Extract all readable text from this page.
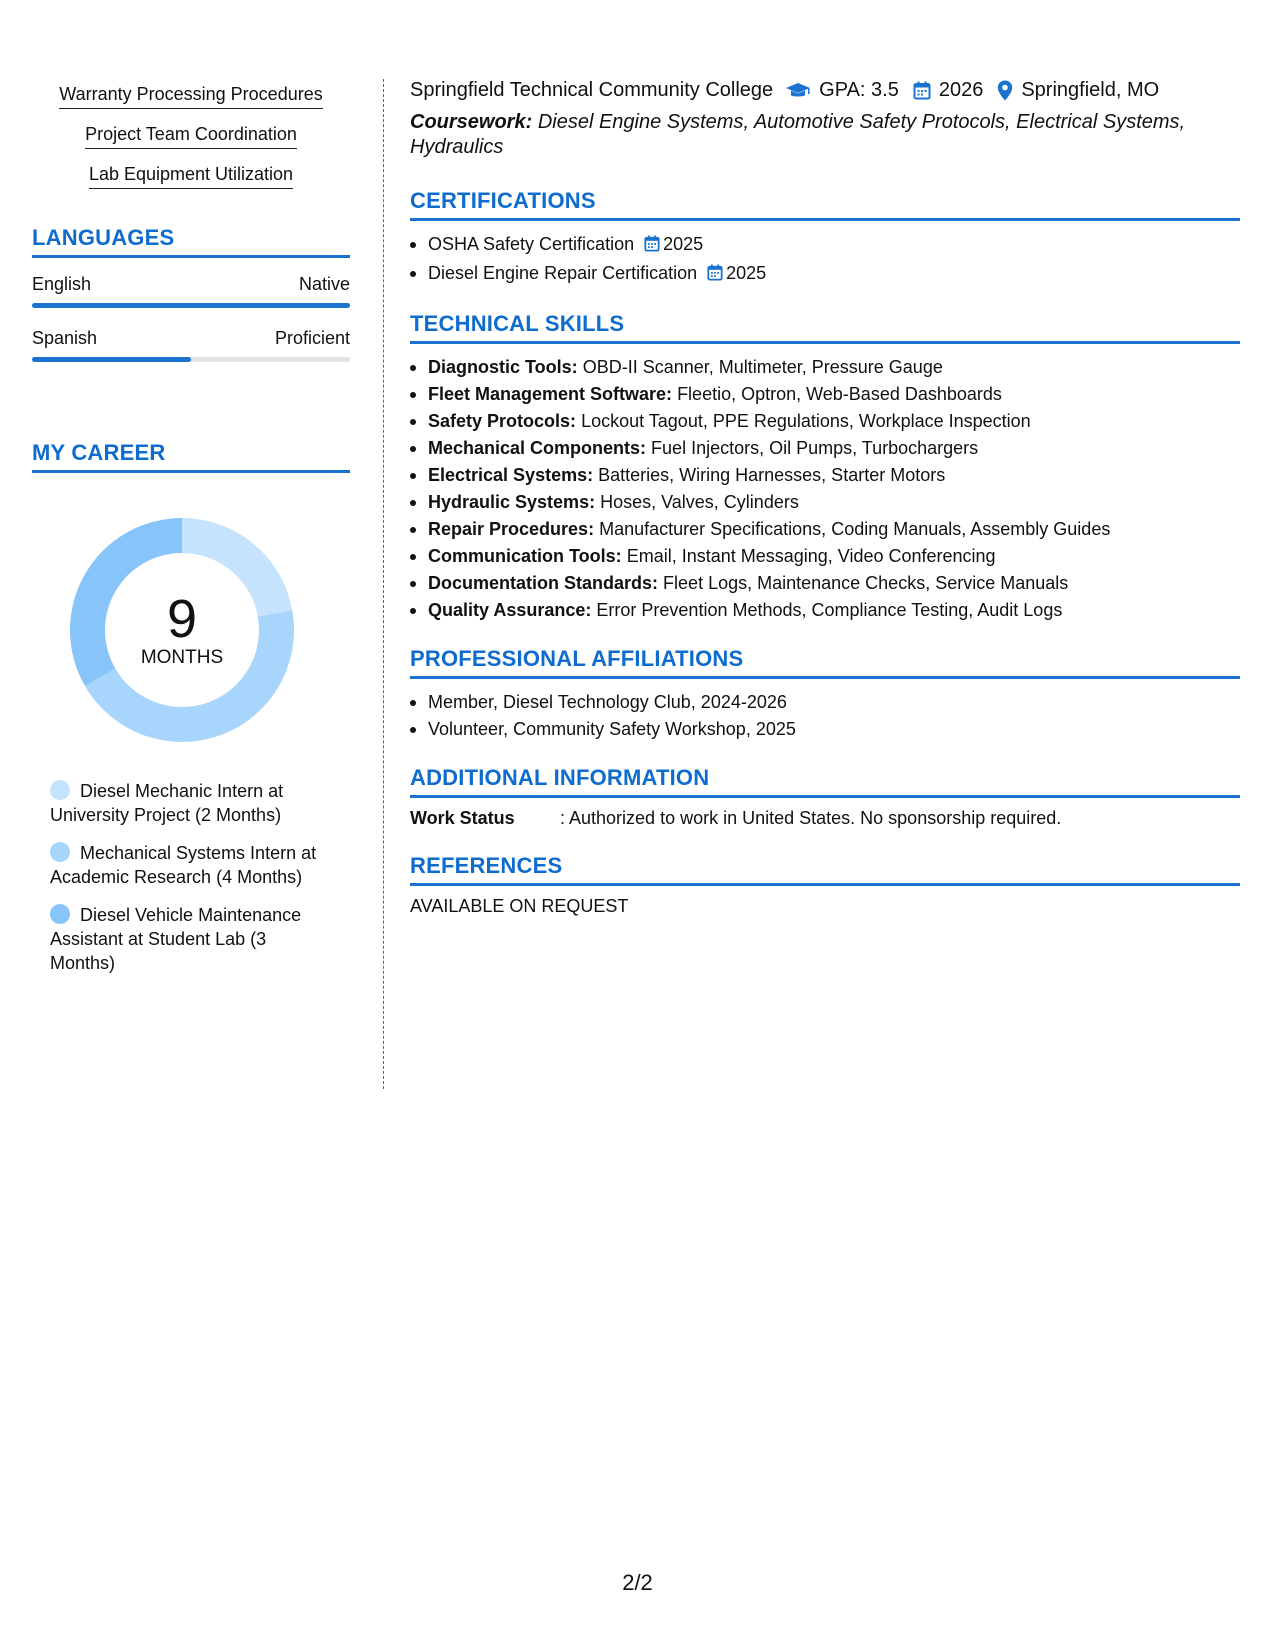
Warranty Processing Procedures
Project Team Coordination
Lab Equipment Utilization
LANGUAGES
English	Native
Spanish	Proficient
MY CAREER
9
MONTHS
Diesel Mechanic Intern at University Project (2 Months)
Mechanical Systems Intern at Academic Research (4 Months)
Diesel Vehicle Maintenance Assistant at Student Lab (3 Months)
Springfield Technical Community College GPA: 3.5 2026 Springfield, MO
Coursework: Diesel Engine Systems, Automotive Safety Protocols, Electrical Systems, Hydraulics
CERTIFICATIONS
OSHA Safety Certification 2025
Diesel Engine Repair Certification 2025
TECHNICAL SKILLS
Diagnostic Tools: OBD-II Scanner, Multimeter, Pressure Gauge
Fleet Management Software: Fleetio, Optron, Web-Based Dashboards
Safety Protocols: Lockout Tagout, PPE Regulations, Workplace Inspection
Mechanical Components: Fuel Injectors, Oil Pumps, Turbochargers
Electrical Systems: Batteries, Wiring Harnesses, Starter Motors
Hydraulic Systems: Hoses, Valves, Cylinders
Repair Procedures: Manufacturer Specifications, Coding Manuals, Assembly Guides
Communication Tools: Email, Instant Messaging, Video Conferencing
Documentation Standards: Fleet Logs, Maintenance Checks, Service Manuals
Quality Assurance: Error Prevention Methods, Compliance Testing, Audit Logs
PROFESSIONAL AFFILIATIONS
Member, Diesel Technology Club, 2024-2026
Volunteer, Community Safety Workshop, 2025
ADDITIONAL INFORMATION
Work Status	: Authorized to work in United States. No sponsorship required.
REFERENCES
AVAILABLE ON REQUEST
2/2
